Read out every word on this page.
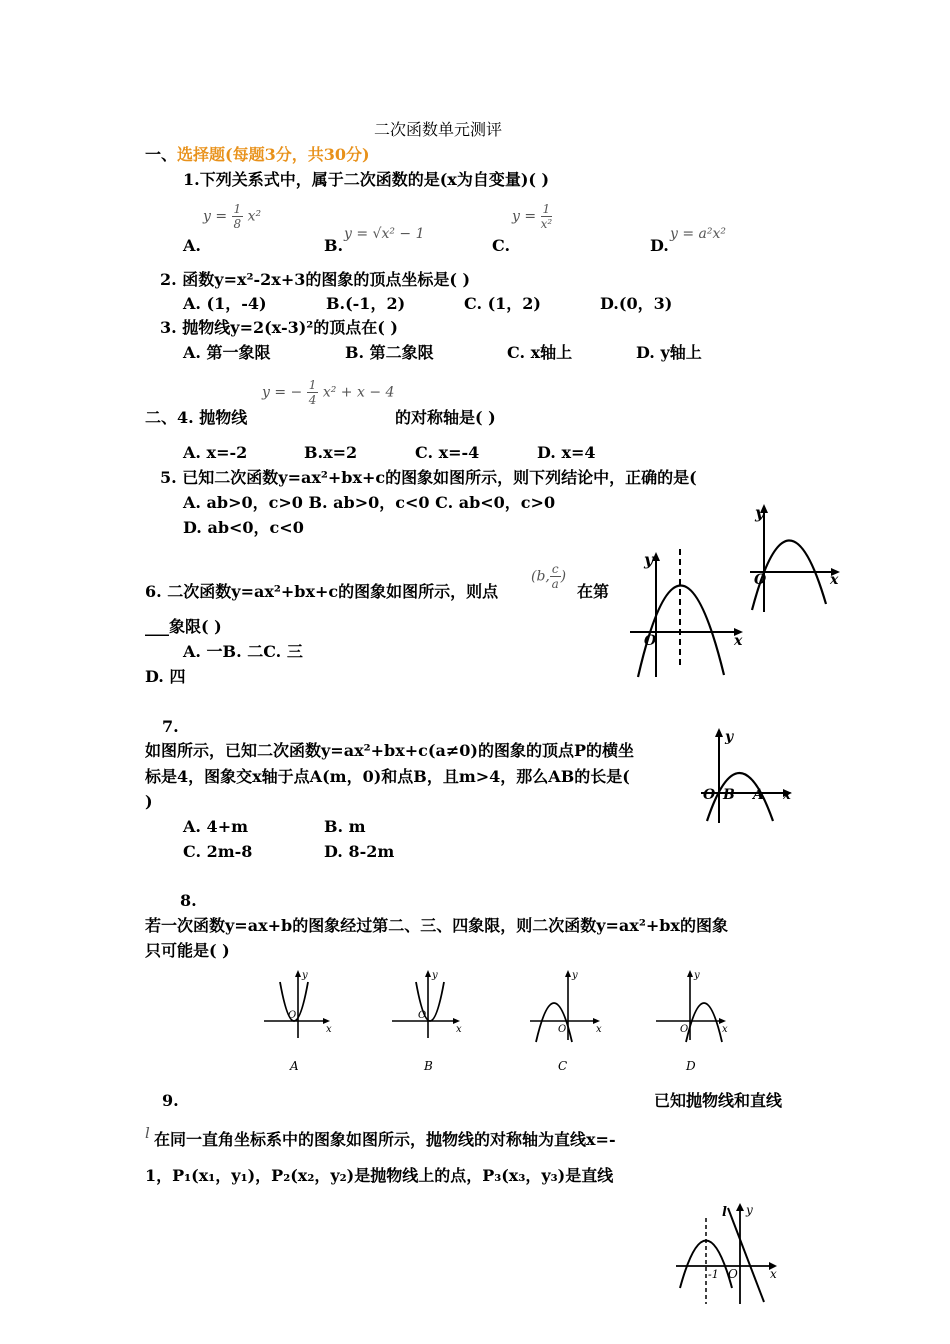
二次函数单元测评
一、选择题(每题3分，共30分)
1.下列关系式中，属于二次函数的是(x为自变量)( )
A.
$y = \frac{1}{8} x^2$
B.
y = √x² − 1
C.
$y = \frac{1}{\text{x²}}$
D.
y = a²x²
2. 函数y=x²-2x+3的图象的顶点坐标是( )
A. (1，-4)	B.(-1，2)	C. (1，2)	D.(0，3)
3. 抛物线y=2(x-3)²的顶点在( )
A. 第一象限	B. 第二象限	C. x轴上	D. y轴上
二、4. 抛物线
y = − $\frac{1}{4} x^2 + x - 4$
的对称轴是( )
A. x=-2	B.x=2	C. x=-4	D. x=4
5. 已知二次函数y=ax²+bx+c的图象如图所示，则下列结论中，正确的是(
A. ab>0，c>0 B. ab>0，c<0 C. ab<0，c>0
D. ab<0，c<0
y
O	x
6. 二次函数y=ax²+bx+c的图象如图所示，则点
(b, $\frac{c}{a}$ )
在第
___象限( )
A. 一B. 二C. 三
D. 四
y
O	x
7.
如图所示，已知二次函数y=ax²+bx+c(a≠0)的图象的顶点P的横坐
标是4，图象交x轴于点A(m，0)和点B，且m>4，那么AB的长是(
)
A. 4+m	B. m
C. 2m-8	D. 8-2m
y
O B A x
8.
若一次函数y=ax+b的图象经过第二、三、四象限，则二次函数y=ax²+bx的图象
只可能是( )
y
O
x
A
y
O
x
B
y
O	x
C
y
O	x
D
9.	已知抛物线和直线
l 在同一直角坐标系中的图象如图所示，抛物线的对称轴为直线x=-
1，P₁(x₁，y₁)，P₂(x₂，y₂)是抛物线上的点，P₃(x₃，y₃)是直线
l y
-1 O	x
